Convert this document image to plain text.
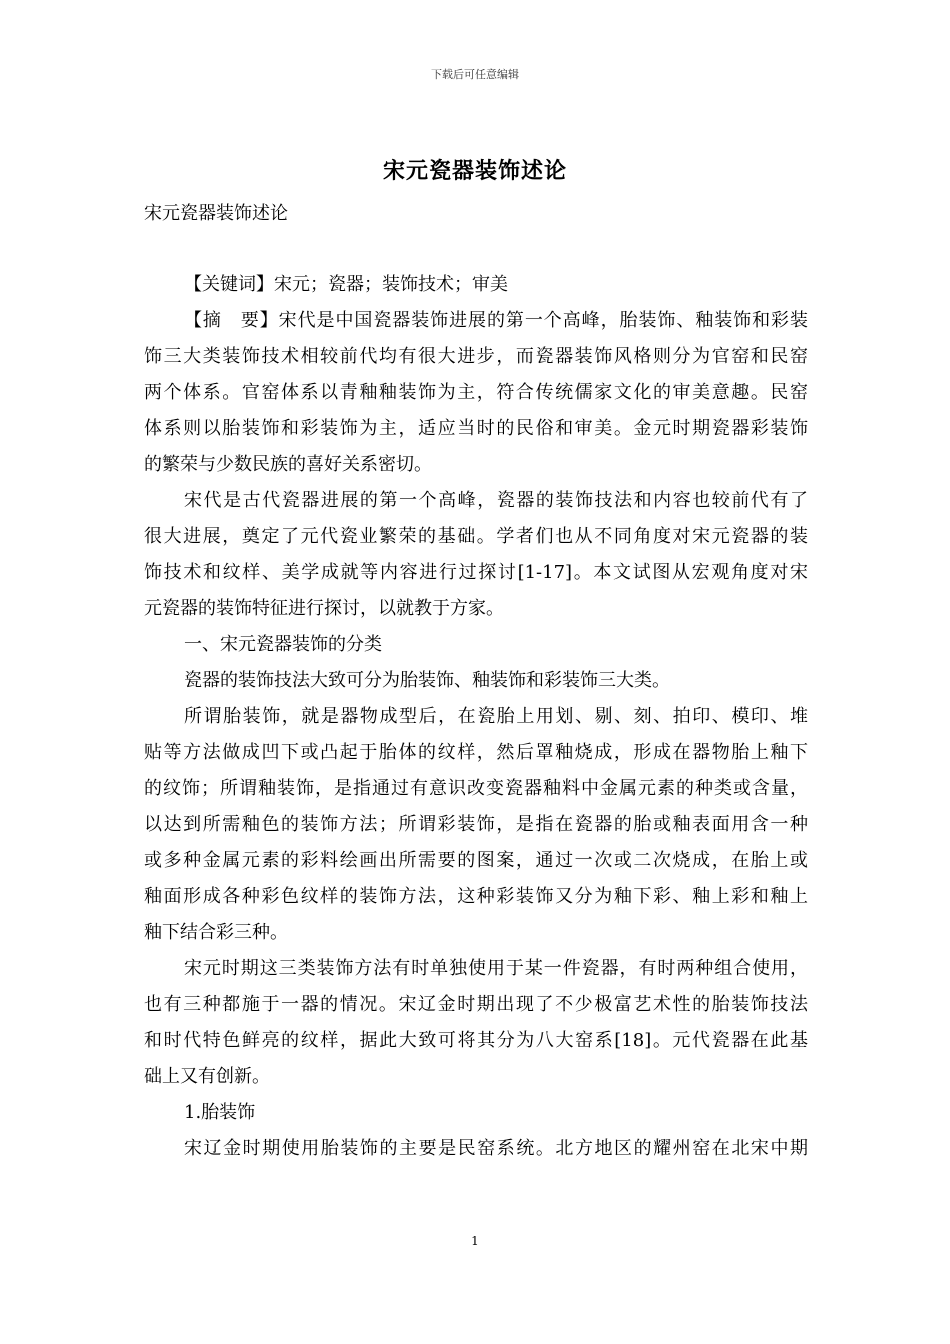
下载后可任意编辑
宋元瓷器装饰述论
宋元瓷器装饰述论
【关键词】宋元；瓷器；装饰技术；审美
【摘　要】宋代是中国瓷器装饰进展的第一个高峰，胎装饰、釉装饰和彩装
饰三大类装饰技术相较前代均有很大进步，而瓷器装饰风格则分为官窑和民窑
两个体系。官窑体系以青釉釉装饰为主，符合传统儒家文化的审美意趣。民窑
体系则以胎装饰和彩装饰为主，适应当时的民俗和审美。金元时期瓷器彩装饰
的繁荣与少数民族的喜好关系密切。
宋代是古代瓷器进展的第一个高峰，瓷器的装饰技法和内容也较前代有了
很大进展，奠定了元代瓷业繁荣的基础。学者们也从不同角度对宋元瓷器的装
饰技术和纹样、美学成就等内容进行过探讨[1-17]。本文试图从宏观角度对宋
元瓷器的装饰特征进行探讨，以就教于方家。
一、宋元瓷器装饰的分类
瓷器的装饰技法大致可分为胎装饰、釉装饰和彩装饰三大类。
所谓胎装饰，就是器物成型后，在瓷胎上用划、剔、刻、拍印、模印、堆
贴等方法做成凹下或凸起于胎体的纹样，然后罩釉烧成，形成在器物胎上釉下
的纹饰；所谓釉装饰，是指通过有意识改变瓷器釉料中金属元素的种类或含量，
以达到所需釉色的装饰方法；所谓彩装饰，是指在瓷器的胎或釉表面用含一种
或多种金属元素的彩料绘画出所需要的图案，通过一次或二次烧成，在胎上或
釉面形成各种彩色纹样的装饰方法，这种彩装饰又分为釉下彩、釉上彩和釉上
釉下结合彩三种。
宋元时期这三类装饰方法有时单独使用于某一件瓷器，有时两种组合使用，
也有三种都施于一器的情况。宋辽金时期出现了不少极富艺术性的胎装饰技法
和时代特色鲜亮的纹样，据此大致可将其分为八大窑系[18]。元代瓷器在此基
础上又有创新。
1.胎装饰
宋辽金时期使用胎装饰的主要是民窑系统。北方地区的耀州窑在北宋中期
1
